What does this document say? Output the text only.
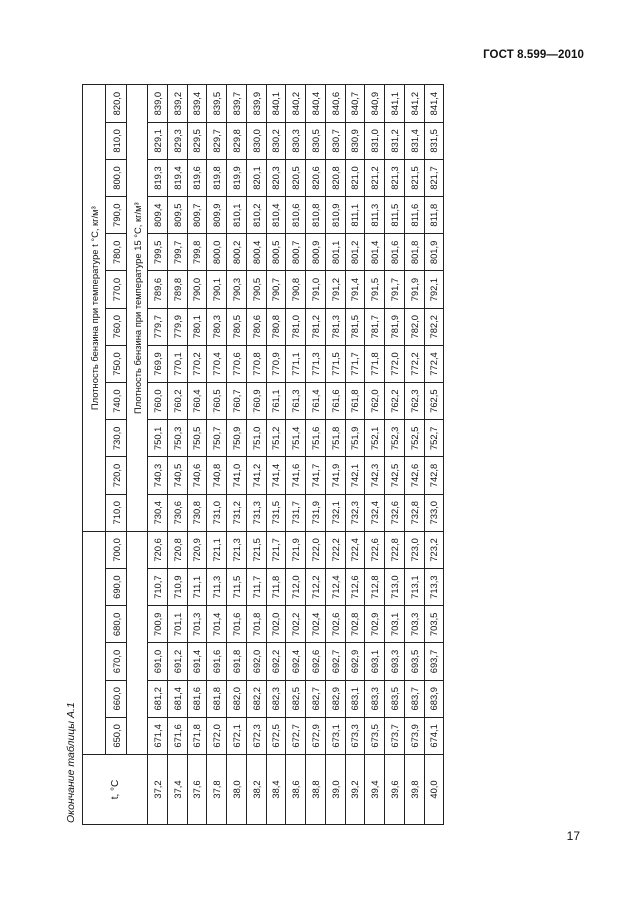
ГОСТ 8.599—2010
Окончание таблицы А.1	t, °C							Плотность бензина при температуре t °С, кг/м³											
	650,0	660,0	670,0	680,0	690,0	700,0	710,0	720,0	730,0	740,0	750,0	760,0	770,0	780,0	790,0	800,0	810,0	820,0
							Плотность бензина при температуре 15 °С, кг/м³											
37,2	671,4	681,2	691,0	700,9	710,7	720,6	730,4	740,3	750,1	760,0	769,9	779,7	789,6	799,5	809,4	819,3	829,1	839,0
37,4	671,6	681,4	691,2	701,1	710,9	720,8	730,6	740,5	750,3	760,2	770,1	779,9	789,8	799,7	809,5	819,4	829,3	839,2
37,6	671,8	681,6	691,4	701,3	711,1	720,9	730,8	740,6	750,5	760,4	770,2	780,1	790,0	799,8	809,7	819,6	829,5	839,4
37,8	672,0	681,8	691,6	701,4	711,3	721,1	731,0	740,8	750,7	760,5	770,4	780,3	790,1	800,0	809,9	819,8	829,7	839,5
38,0	672,1	682,0	691,8	701,6	711,5	721,3	731,2	741,0	750,9	760,7	770,6	780,5	790,3	800,2	810,1	819,9	829,8	839,7
38,2	672,3	682,2	692,0	701,8	711,7	721,5	731,3	741,2	751,0	760,9	770,8	780,6	790,5	800,4	810,2	820,1	830,0	839,9
38,4	672,5	682,3	692,2	702,0	711,8	721,7	731,5	741,4	751,2	761,1	770,9	780,8	790,7	800,5	810,4	820,3	830,2	840,1
38,6	672,7	682,5	692,4	702,2	712,0	721,9	731,7	741,6	751,4	761,3	771,1	781,0	790,8	800,7	810,6	820,5	830,3	840,2
38,8	672,9	682,7	692,6	702,4	712,2	722,0	731,9	741,7	751,6	761,4	771,3	781,2	791,0	800,9	810,8	820,6	830,5	840,4
39,0	673,1	682,9	692,7	702,6	712,4	722,2	732,1	741,9	751,8	761,6	771,5	781,3	791,2	801,1	810,9	820,8	830,7	840,6
39,2	673,3	683,1	692,9	702,8	712,6	722,4	732,3	742,1	751,9	761,8	771,7	781,5	791,4	801,2	811,1	821,0	830,9	840,7
39,4	673,5	683,3	693,1	702,9	712,8	722,6	732,4	742,3	752,1	762,0	771,8	781,7	791,5	801,4	811,3	821,2	831,0	840,9
39,6	673,7	683,5	693,3	703,1	713,0	722,8	732,6	742,5	752,3	762,2	772,0	781,9	791,7	801,6	811,5	821,3	831,2	841,1
39,8	673,9	683,7	693,5	703,3	713,1	723,0	732,8	742,6	752,5	762,3	772,2	782,0	791,9	801,8	811,6	821,5	831,4	841,2
40,0	674,1	683,9	693,7	703,5	713,3	723,2	733,0	742,8	752,7	762,5	772,4	782,2	792,1	801,9	811,8	821,7	831,5	841,4
17
